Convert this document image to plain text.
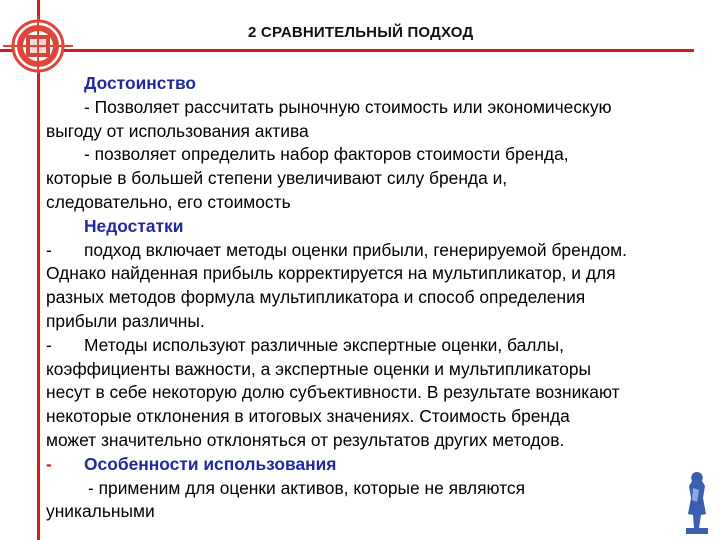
· · ·
2 СРАВНИТЕЛЬНЫЙ ПОДХОД
Достоинство
- Позволяет рассчитать рыночную стоимость или экономическую
выгоду от использования актива
- позволяет определить набор факторов стоимости бренда,
которые в большей степени увеличивают силу бренда и,
следовательно, его стоимость
Недостатки
- подход включает методы оценки прибыли, генерируемой брендом.
Однако найденная прибыль корректируется на мультипликатор, и для
разных методов формула мультипликатора и способ определения
прибыли различны.
- Методы используют различные экспертные оценки, баллы,
коэффициенты важности, а экспертные оценки и мультипликаторы
несут в себе некоторую долю субъективности. В результате возникают
некоторые отклонения в итоговых значениях. Стоимость бренда
может значительно отклоняться от результатов других методов.
- Особенности использования
- применим для оценки активов, которые не являются
уникальными
